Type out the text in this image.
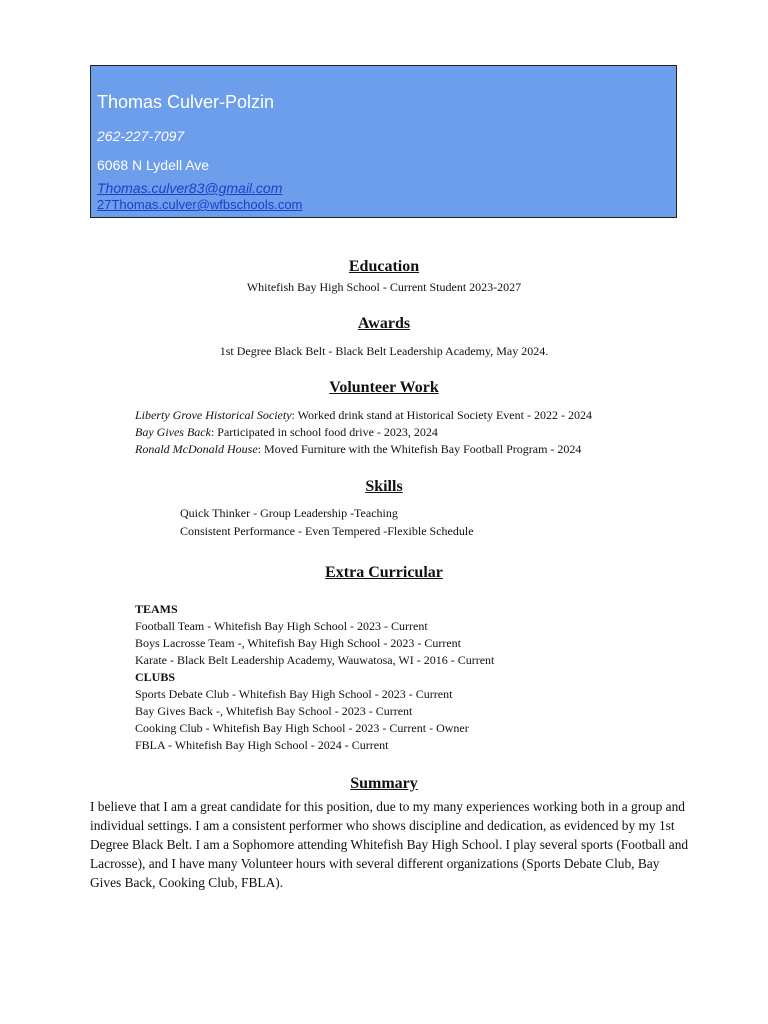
Thomas Culver-Polzin
262-227-7097
6068 N Lydell Ave
Thomas.culver83@gmail.com
27Thomas.culver@wfbschools.com
Education
Whitefish Bay High School - Current Student 2023-2027
Awards
1st Degree Black Belt - Black Belt Leadership Academy, May 2024.
Volunteer Work
Liberty Grove Historical Society: Worked drink stand at Historical Society Event - 2022 - 2024
Bay Gives Back: Participated in school food drive - 2023, 2024
Ronald McDonald House: Moved Furniture with the Whitefish Bay Football Program - 2024
Skills
Quick Thinker - Group Leadership -Teaching
Consistent Performance - Even Tempered -Flexible Schedule
Extra Curricular
TEAMS
Football Team - Whitefish Bay High School - 2023 - Current
Boys Lacrosse Team -, Whitefish Bay High School - 2023 - Current
Karate - Black Belt Leadership Academy, Wauwatosa, WI - 2016 - Current
CLUBS
Sports Debate Club - Whitefish Bay High School - 2023 - Current
Bay Gives Back -, Whitefish Bay School - 2023 - Current
Cooking Club - Whitefish Bay High School - 2023 - Current - Owner
FBLA - Whitefish Bay High School - 2024 - Current
Summary
I believe that I am a great candidate for this position, due to my many experiences working both in a group and individual settings. I am a consistent performer who shows discipline and dedication, as evidenced by my 1st Degree Black Belt. I am a Sophomore attending Whitefish Bay High School. I play several sports (Football and Lacrosse), and I have many Volunteer hours with several different organizations (Sports Debate Club, Bay Gives Back, Cooking Club, FBLA).
